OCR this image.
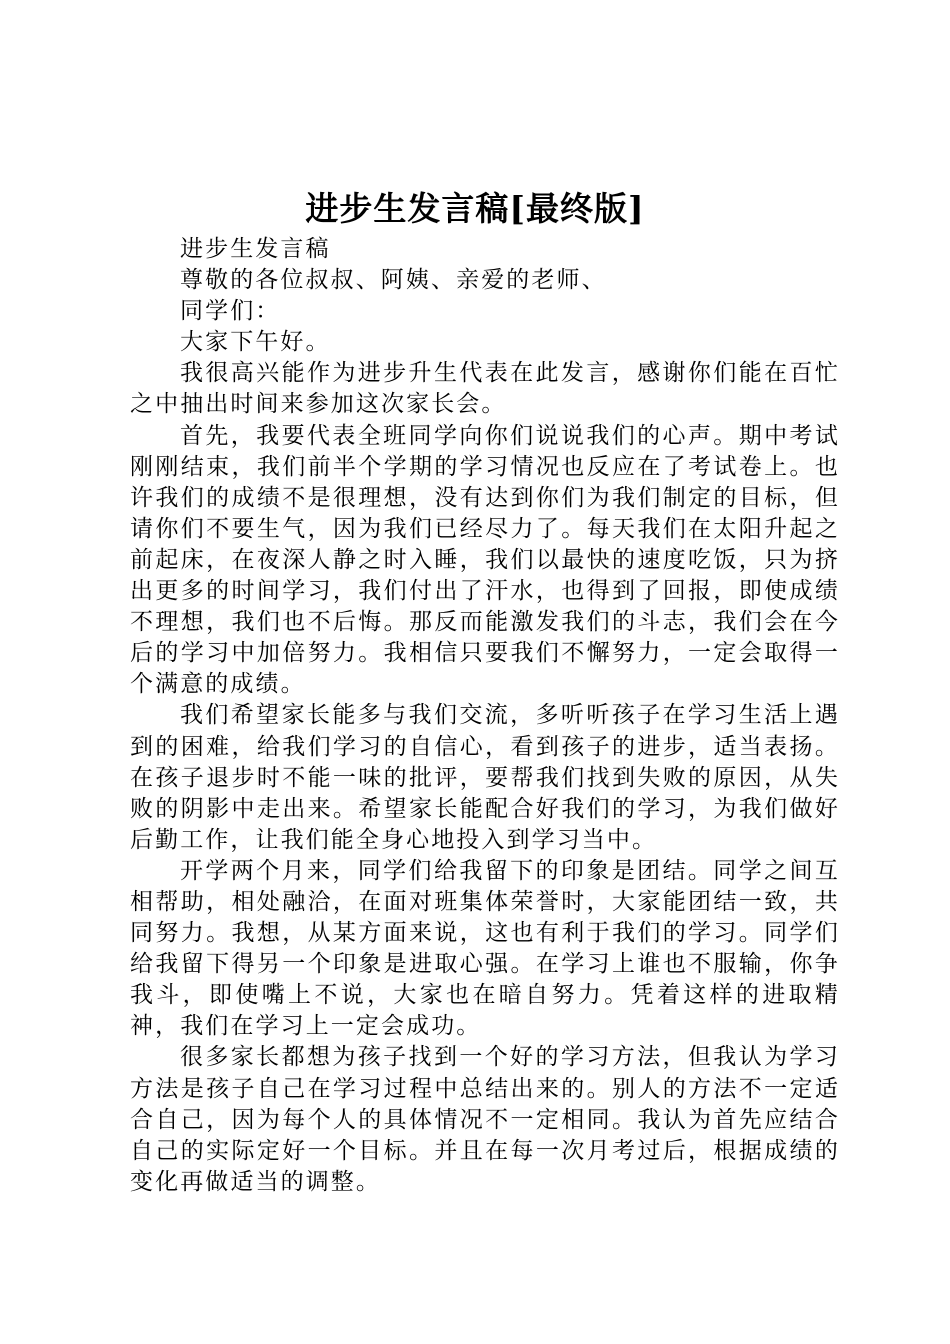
进步生发言稿[最终版]

进步生发言稿

尊敬的各位叔叔、阿姨、亲爱的老师、

同学们：

大家下午好。

我很高兴能作为进步升生代表在此发言，感谢你们能在百忙之中抽出时间来参加这次家长会。

首先，我要代表全班同学向你们说说我们的心声。期中考试刚刚结束，我们前半个学期的学习情况也反应在了考试卷上。也许我们的成绩不是很理想，没有达到你们为我们制定的目标，但请你们不要生气，因为我们已经尽力了。每天我们在太阳升起之前起床，在夜深人静之时入睡，我们以最快的速度吃饭，只为挤出更多的时间学习，我们付出了汗水，也得到了回报，即使成绩不理想，我们也不后悔。那反而能激发我们的斗志，我们会在今后的学习中加倍努力。我相信只要我们不懈努力，一定会取得一个满意的成绩。

我们希望家长能多与我们交流，多听听孩子在学习生活上遇到的困难，给我们学习的自信心，看到孩子的进步，适当表扬。在孩子退步时不能一味的批评，要帮我们找到失败的原因，从失败的阴影中走出来。希望家长能配合好我们的学习，为我们做好后勤工作，让我们能全身心地投入到学习当中。

开学两个月来，同学们给我留下的印象是团结。同学之间互相帮助，相处融洽，在面对班集体荣誉时，大家能团结一致，共同努力。我想，从某方面来说，这也有利于我们的学习。同学们给我留下得另一个印象是进取心强。在学习上谁也不服输，你争我斗，即使嘴上不说，大家也在暗自努力。凭着这样的进取精神，我们在学习上一定会成功。

很多家长都想为孩子找到一个好的学习方法，但我认为学习方法是孩子自己在学习过程中总结出来的。别人的方法不一定适合自己，因为每个人的具体情况不一定相同。我认为首先应结合自己的实际定好一个目标。并且在每一次月考过后，根据成绩的变化再做适当的调整。
